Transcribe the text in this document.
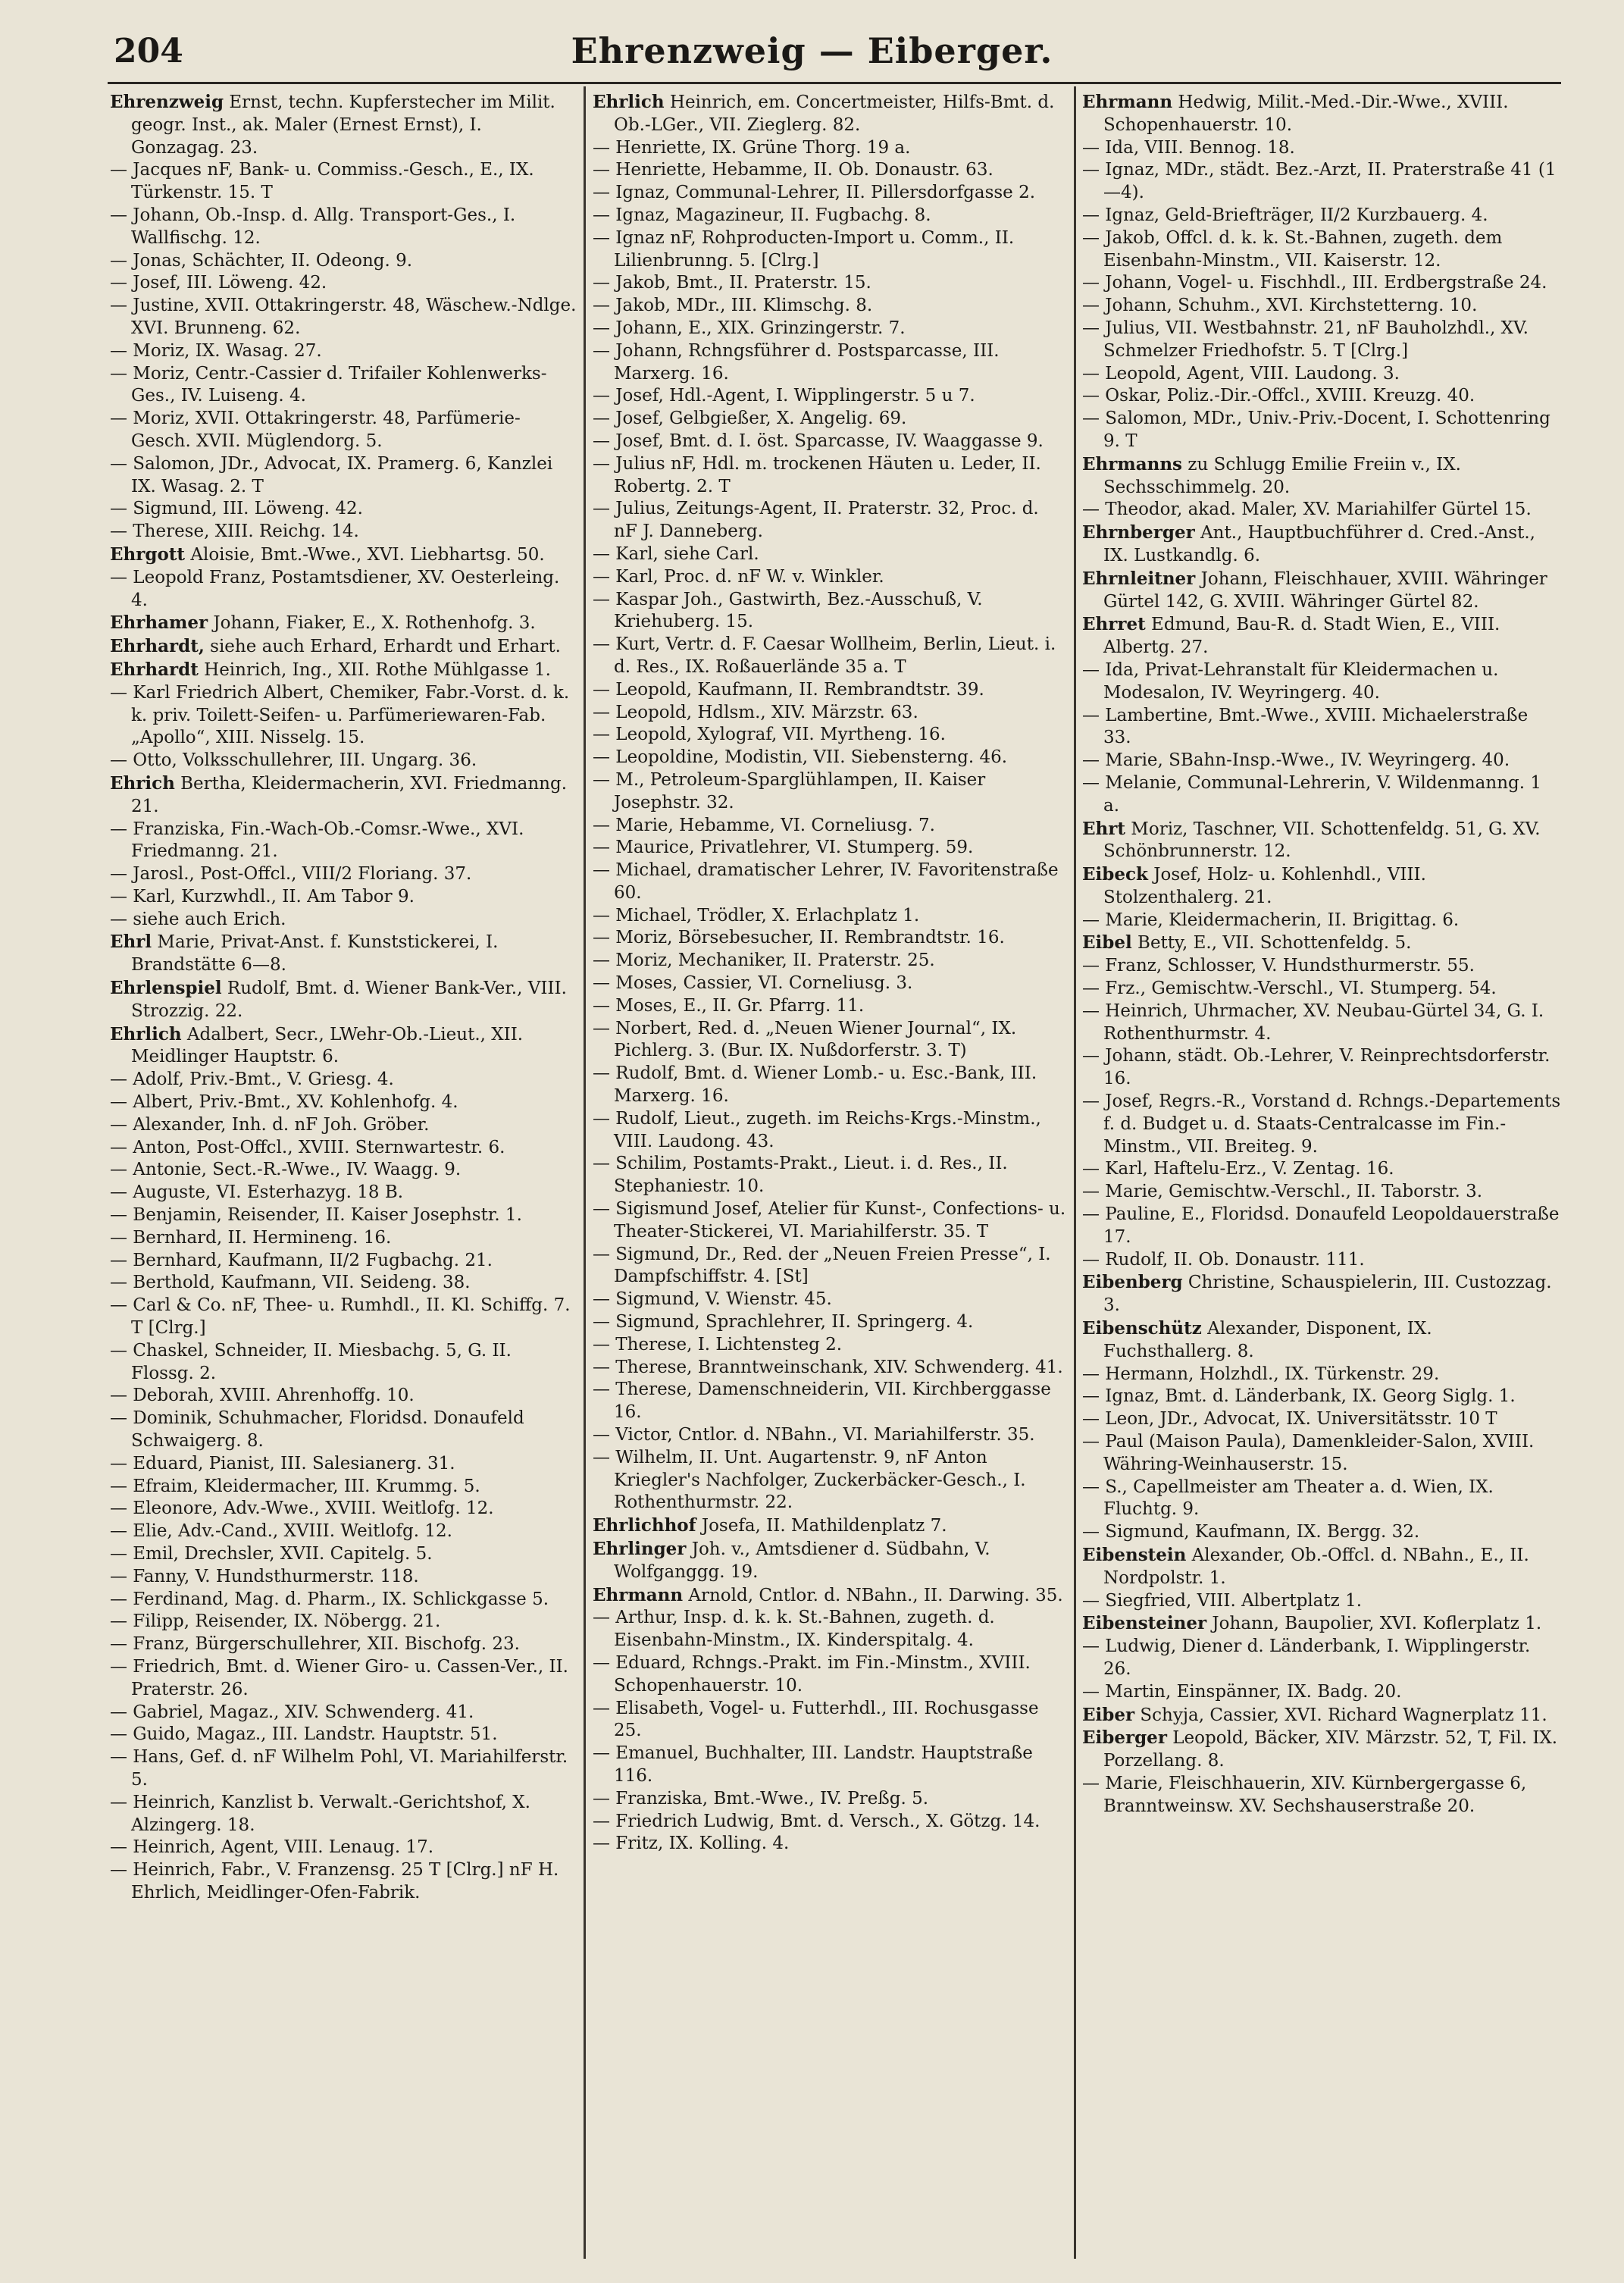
204	Ehrenzweig — Eiberger.

Ehrenzweig Ernst, techn. Kupferstecher im Milit. geogr. Inst., ak. Maler (Ernest Ernst), I. Gonzagag. 23.

— Jacques nF, Bank- u. Commiss.-Gesch., E., IX. Türkenstr. 15. T

— Johann, Ob.-Insp. d. Allg. Transport-Ges., I. Wallfischg. 12.

— Jonas, Schächter, II. Odeong. 9.

— Josef, III. Löweng. 42.

— Justine, XVII. Ottakringerstr. 48, Wäschew.-Ndlge. XVI. Brunneng. 62.

— Moriz, IX. Wasag. 27.

— Moriz, Centr.-Cassier d. Trifailer Kohlenwerks-Ges., IV. Luiseng. 4.

— Moriz, XVII. Ottakringerstr. 48, Parfümerie-Gesch. XVII. Müglendorg. 5.

— Salomon, JDr., Advocat, IX. Pramerg. 6, Kanzlei IX. Wasag. 2. T

— Sigmund, III. Löweng. 42.

— Therese, XIII. Reichg. 14.

Ehrgott Aloisie, Bmt.-Wwe., XVI. Liebhartsg. 50.

— Leopold Franz, Postamtsdiener, XV. Oesterleing. 4.

Ehrhamer Johann, Fiaker, E., X. Rothenhofg. 3.

Ehrhardt, siehe auch Erhard, Erhardt und Erhart.

Ehrhardt Heinrich, Ing., XII. Rothe Mühlgasse 1.

— Karl Friedrich Albert, Chemiker, Fabr.-Vorst. d. k. k. priv. Toilett-Seifen- u. Parfümeriewaren-Fab. „Apollo“, XIII. Nisselg. 15.

— Otto, Volksschullehrer, III. Ungarg. 36.

Ehrich Bertha, Kleidermacherin, XVI. Friedmanng. 21.

— Franziska, Fin.-Wach-Ob.-Comsr.-Wwe., XVI. Friedmanng. 21.

— Jarosl., Post-Offcl., VIII/2 Floriang. 37.

— Karl, Kurzwhdl., II. Am Tabor 9.

— siehe auch Erich.

Ehrl Marie, Privat-Anst. f. Kunststickerei, I. Brandstätte 6—8.

Ehrlenspiel Rudolf, Bmt. d. Wiener Bank-Ver., VIII. Strozzig. 22.

Ehrlich Adalbert, Secr., LWehr-Ob.-Lieut., XII. Meidlinger Hauptstr. 6.

— Adolf, Priv.-Bmt., V. Griesg. 4.

— Albert, Priv.-Bmt., XV. Kohlenhofg. 4.

— Alexander, Inh. d. nF Joh. Gröber.

— Anton, Post-Offcl., XVIII. Sternwartestr. 6.

— Antonie, Sect.-R.-Wwe., IV. Waagg. 9.

— Auguste, VI. Esterhazyg. 18 B.

— Benjamin, Reisender, II. Kaiser Josephstr. 1.

— Bernhard, II. Hermineng. 16.

— Bernhard, Kaufmann, II/2 Fugbachg. 21.

— Berthold, Kaufmann, VII. Seideng. 38.

— Carl & Co. nF, Thee- u. Rumhdl., II. Kl. Schiffg. 7. T [Clrg.]

— Chaskel, Schneider, II. Miesbachg. 5, G. II. Flossg. 2.

— Deborah, XVIII. Ahrenhoffg. 10.

— Dominik, Schuhmacher, Floridsd. Donaufeld Schwaigerg. 8.

— Eduard, Pianist, III. Salesianerg. 31.

— Efraim, Kleidermacher, III. Krummg. 5.

— Eleonore, Adv.-Wwe., XVIII. Weitlofg. 12.

— Elie, Adv.-Cand., XVIII. Weitlofg. 12.

— Emil, Drechsler, XVII. Capitelg. 5.

— Fanny, V. Hundsthurmerstr. 118.

— Ferdinand, Mag. d. Pharm., IX. Schlickgasse 5.

— Filipp, Reisender, IX. Nöbergg. 21.

— Franz, Bürgerschullehrer, XII. Bischofg. 23.

— Friedrich, Bmt. d. Wiener Giro- u. Cassen-Ver., II. Praterstr. 26.

— Gabriel, Magaz., XIV. Schwenderg. 41.

— Guido, Magaz., III. Landstr. Hauptstr. 51.

— Hans, Gef. d. nF Wilhelm Pohl, VI. Mariahilferstr. 5.

— Heinrich, Kanzlist b. Verwalt.-Gerichtshof, X. Alzingerg. 18.

— Heinrich, Agent, VIII. Lenaug. 17.

— Heinrich, Fabr., V. Franzensg. 25 T [Clrg.] nF H. Ehrlich, Meidlinger-Ofen-Fabrik.

Ehrlich Heinrich, em. Concertmeister, Hilfs-Bmt. d. Ob.-LGer., VII. Zieglerg. 82.

— Henriette, IX. Grüne Thorg. 19 a.

— Henriette, Hebamme, II. Ob. Donaustr. 63.

— Ignaz, Communal-Lehrer, II. Pillersdorfgasse 2.

— Ignaz, Magazineur, II. Fugbachg. 8.

— Ignaz nF, Rohproducten-Import u. Comm., II. Lilienbrunng. 5. [Clrg.]

— Jakob, Bmt., II. Praterstr. 15.

— Jakob, MDr., III. Klimschg. 8.

— Johann, E., XIX. Grinzingerstr. 7.

— Johann, Rchngsführer d. Postsparcasse, III. Marxerg. 16.

— Josef, Hdl.-Agent, I. Wipplingerstr. 5 u 7.

— Josef, Gelbgießer, X. Angelig. 69.

— Josef, Bmt. d. I. öst. Sparcasse, IV. Waaggasse 9.

— Julius nF, Hdl. m. trockenen Häuten u. Leder, II. Robertg. 2. T

— Julius, Zeitungs-Agent, II. Praterstr. 32, Proc. d. nF J. Danneberg.

— Karl, siehe Carl.

— Karl, Proc. d. nF W. v. Winkler.

— Kaspar Joh., Gastwirth, Bez.-Ausschuß, V. Kriehuberg. 15.

— Kurt, Vertr. d. F. Caesar Wollheim, Berlin, Lieut. i. d. Res., IX. Roßauerlände 35 a. T

— Leopold, Kaufmann, II. Rembrandtstr. 39.

— Leopold, Hdlsm., XIV. Märzstr. 63.

— Leopold, Xylograf, VII. Myrtheng. 16.

— Leopoldine, Modistin, VII. Siebensterng. 46.

— M., Petroleum-Sparglühlampen, II. Kaiser Josephstr. 32.

— Marie, Hebamme, VI. Corneliusg. 7.

— Maurice, Privatlehrer, VI. Stumperg. 59.

— Michael, dramatischer Lehrer, IV. Favoritenstraße 60.

— Michael, Trödler, X. Erlachplatz 1.

— Moriz, Börsebesucher, II. Rembrandtstr. 16.

— Moriz, Mechaniker, II. Praterstr. 25.

— Moses, Cassier, VI. Corneliusg. 3.

— Moses, E., II. Gr. Pfarrg. 11.

— Norbert, Red. d. „Neuen Wiener Journal“, IX. Pichlerg. 3. (Bur. IX. Nußdorferstr. 3. T)

— Rudolf, Bmt. d. Wiener Lomb.- u. Esc.-Bank, III. Marxerg. 16.

— Rudolf, Lieut., zugeth. im Reichs-Krgs.-Minstm., VIII. Laudong. 43.

— Schilim, Postamts-Prakt., Lieut. i. d. Res., II. Stephaniestr. 10.

— Sigismund Josef, Atelier für Kunst-, Confections- u. Theater-Stickerei, VI. Mariahilferstr. 35. T

— Sigmund, Dr., Red. der „Neuen Freien Presse“, I. Dampfschiffstr. 4. [St]

— Sigmund, V. Wienstr. 45.

— Sigmund, Sprachlehrer, II. Springerg. 4.

— Therese, I. Lichtensteg 2.

— Therese, Branntweinschank, XIV. Schwenderg. 41.

— Therese, Damenschneiderin, VII. Kirchberggasse 16.

— Victor, Cntlor. d. NBahn., VI. Mariahilferstr. 35.

— Wilhelm, II. Unt. Augartenstr. 9, nF Anton Kriegler's Nachfolger, Zuckerbäcker-Gesch., I. Rothenthurmstr. 22.

Ehrlichhof Josefa, II. Mathildenplatz 7.

Ehrlinger Joh. v., Amtsdiener d. Südbahn, V. Wolfganggg. 19.

Ehrmann Arnold, Cntlor. d. NBahn., II. Darwing. 35.

— Arthur, Insp. d. k. k. St.-Bahnen, zugeth. d. Eisenbahn-Minstm., IX. Kinderspitalg. 4.

— Eduard, Rchngs.-Prakt. im Fin.-Minstm., XVIII. Schopenhauerstr. 10.

— Elisabeth, Vogel- u. Futterhdl., III. Rochusgasse 25.

— Emanuel, Buchhalter, III. Landstr. Hauptstraße 116.

— Franziska, Bmt.-Wwe., IV. Preßg. 5.

— Friedrich Ludwig, Bmt. d. Versch., X. Götzg. 14.

— Fritz, IX. Kolling. 4.

Ehrmann Hedwig, Milit.-Med.-Dir.-Wwe., XVIII. Schopenhauerstr. 10.

— Ida, VIII. Bennog. 18.

— Ignaz, MDr., städt. Bez.-Arzt, II. Praterstraße 41 (1—4).

— Ignaz, Geld-Briefträger, II/2 Kurzbauerg. 4.

— Jakob, Offcl. d. k. k. St.-Bahnen, zugeth. dem Eisenbahn-Minstm., VII. Kaiserstr. 12.

— Johann, Vogel- u. Fischhdl., III. Erdbergstraße 24.

— Johann, Schuhm., XVI. Kirchstetterng. 10.

— Julius, VII. Westbahnstr. 21, nF Bauholzhdl., XV. Schmelzer Friedhofstr. 5. T [Clrg.]

— Leopold, Agent, VIII. Laudong. 3.

— Oskar, Poliz.-Dir.-Offcl., XVIII. Kreuzg. 40.

— Salomon, MDr., Univ.-Priv.-Docent, I. Schottenring 9. T

Ehrmanns zu Schlugg Emilie Freiin v., IX. Sechsschimmelg. 20.

— Theodor, akad. Maler, XV. Mariahilfer Gürtel 15.

Ehrnberger Ant., Hauptbuchführer d. Cred.-Anst., IX. Lustkandlg. 6.

Ehrnleitner Johann, Fleischhauer, XVIII. Währinger Gürtel 142, G. XVIII. Währinger Gürtel 82.

Ehrret Edmund, Bau-R. d. Stadt Wien, E., VIII. Albertg. 27.

— Ida, Privat-Lehranstalt für Kleidermachen u. Modesalon, IV. Weyringerg. 40.

— Lambertine, Bmt.-Wwe., XVIII. Michaelerstraße 33.

— Marie, SBahn-Insp.-Wwe., IV. Weyringerg. 40.

— Melanie, Communal-Lehrerin, V. Wildenmanng. 1 a.

Ehrt Moriz, Taschner, VII. Schottenfeldg. 51, G. XV. Schönbrunnerstr. 12.

Eibeck Josef, Holz- u. Kohlenhdl., VIII. Stolzenthalerg. 21.

— Marie, Kleidermacherin, II. Brigittag. 6.

Eibel Betty, E., VII. Schottenfeldg. 5.

— Franz, Schlosser, V. Hundsthurmerstr. 55.

— Frz., Gemischtw.-Verschl., VI. Stumperg. 54.

— Heinrich, Uhrmacher, XV. Neubau-Gürtel 34, G. I. Rothenthurmstr. 4.

— Johann, städt. Ob.-Lehrer, V. Reinprechtsdorferstr. 16.

— Josef, Regrs.-R., Vorstand d. Rchngs.-Departements f. d. Budget u. d. Staats-Centralcasse im Fin.-Minstm., VII. Breiteg. 9.

— Karl, Haftelu-Erz., V. Zentag. 16.

— Marie, Gemischtw.-Verschl., II. Taborstr. 3.

— Pauline, E., Floridsd. Donaufeld Leopoldauerstraße 17.

— Rudolf, II. Ob. Donaustr. 111.

Eibenberg Christine, Schauspielerin, III. Custozzag. 3.

Eibenschütz Alexander, Disponent, IX. Fuchsthallerg. 8.

— Hermann, Holzhdl., IX. Türkenstr. 29.

— Ignaz, Bmt. d. Länderbank, IX. Georg Siglg. 1.

— Leon, JDr., Advocat, IX. Universitätsstr. 10 T

— Paul (Maison Paula), Damenkleider-Salon, XVIII. Währing-Weinhauserstr. 15.

— S., Capellmeister am Theater a. d. Wien, IX. Fluchtg. 9.

— Sigmund, Kaufmann, IX. Bergg. 32.

Eibenstein Alexander, Ob.-Offcl. d. NBahn., E., II. Nordpolstr. 1.

— Siegfried, VIII. Albertplatz 1.

Eibensteiner Johann, Baupolier, XVI. Koflerplatz 1.

— Ludwig, Diener d. Länderbank, I. Wipplingerstr. 26.

— Martin, Einspänner, IX. Badg. 20.

Eiber Schyja, Cassier, XVI. Richard Wagnerplatz 11.

Eiberger Leopold, Bäcker, XIV. Märzstr. 52, T, Fil. IX. Porzellang. 8.

— Marie, Fleischhauerin, XIV. Kürnbergergasse 6, Branntweinsw. XV. Sechshauserstraße 20.
